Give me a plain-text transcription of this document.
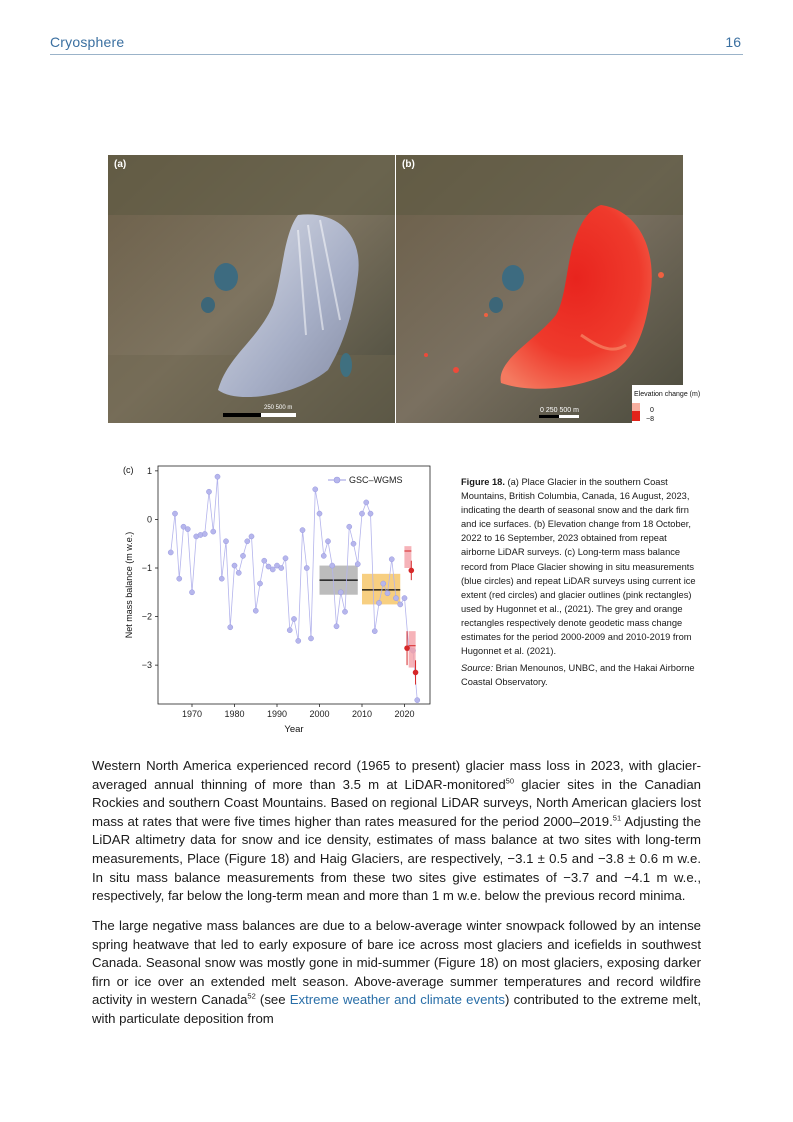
Cryosphere	16
250 500 m
(a)
Elevation change (m)
0
−8
0 250 500 m
(b)
(c)
1970 1980 1990 2000 2010 2020
1
0
−1
−2
−3
GSC–WGMS
Year
Net mass balance (m w.e.)

Figure 18. (a) Place Glacier in the southern Coast Mountains, British Columbia, Canada, 16 August, 2023, indicating the dearth of seasonal snow and the dark firn and ice surfaces. (b) Elevation change from 18 October, 2022 to 16 September, 2023 obtained from repeat airborne LiDAR surveys. (c) Long-term mass balance record from Place Glacier showing in situ measurements (blue circles) and repeat LiDAR surveys using current ice extent (red circles) and glacier outlines (pink rectangles) used by Hugonnet et al., (2021). The grey and orange rectangles respectively denote geodetic mass change estimates for the period 2000-2009 and 2010-2019 from Hugonnet et al. (2021).

Source: Brian Menounos, UNBC, and the Hakai Airborne Coastal Observatory.

Western North America experienced record (1965 to present) glacier mass loss in 2023, with glacier-averaged annual thinning of more than 3.5 m at LiDAR-monitored$^{50}$ glacier sites in the Canadian Rockies and southern Coast Mountains. Based on regional LiDAR surveys, North American glaciers lost mass at rates that were five times higher than rates measured for the period 2000–2019.51 Adjusting the LiDAR altimetry data for snow and ice density, estimates of mass balance at two sites with long-term measurements, Place (Figure 18) and Haig Glaciers, are respectively, −3.1 ± 0.5 and −3.8 ± 0.6 m w.e. In situ mass balance measurements from these two sites give estimates of −3.7 and −4.1 m w.e., respectively, far below the long-term mean and more than 1 m w.e. below the previous record minima.

The large negative mass balances are due to a below-average winter snowpack followed by an intense spring heatwave that led to early exposure of bare ice across most glaciers and icefields in southwest Canada. Seasonal snow was mostly gone in mid-summer (Figure 18) on most glaciers, exposing darker firn or ice over an extended melt season. Above-average summer temperatures and record wildfire activity in western Canada$^{52}$ (see Extreme weather and climate events) contributed to the extreme melt, with particulate deposition from
